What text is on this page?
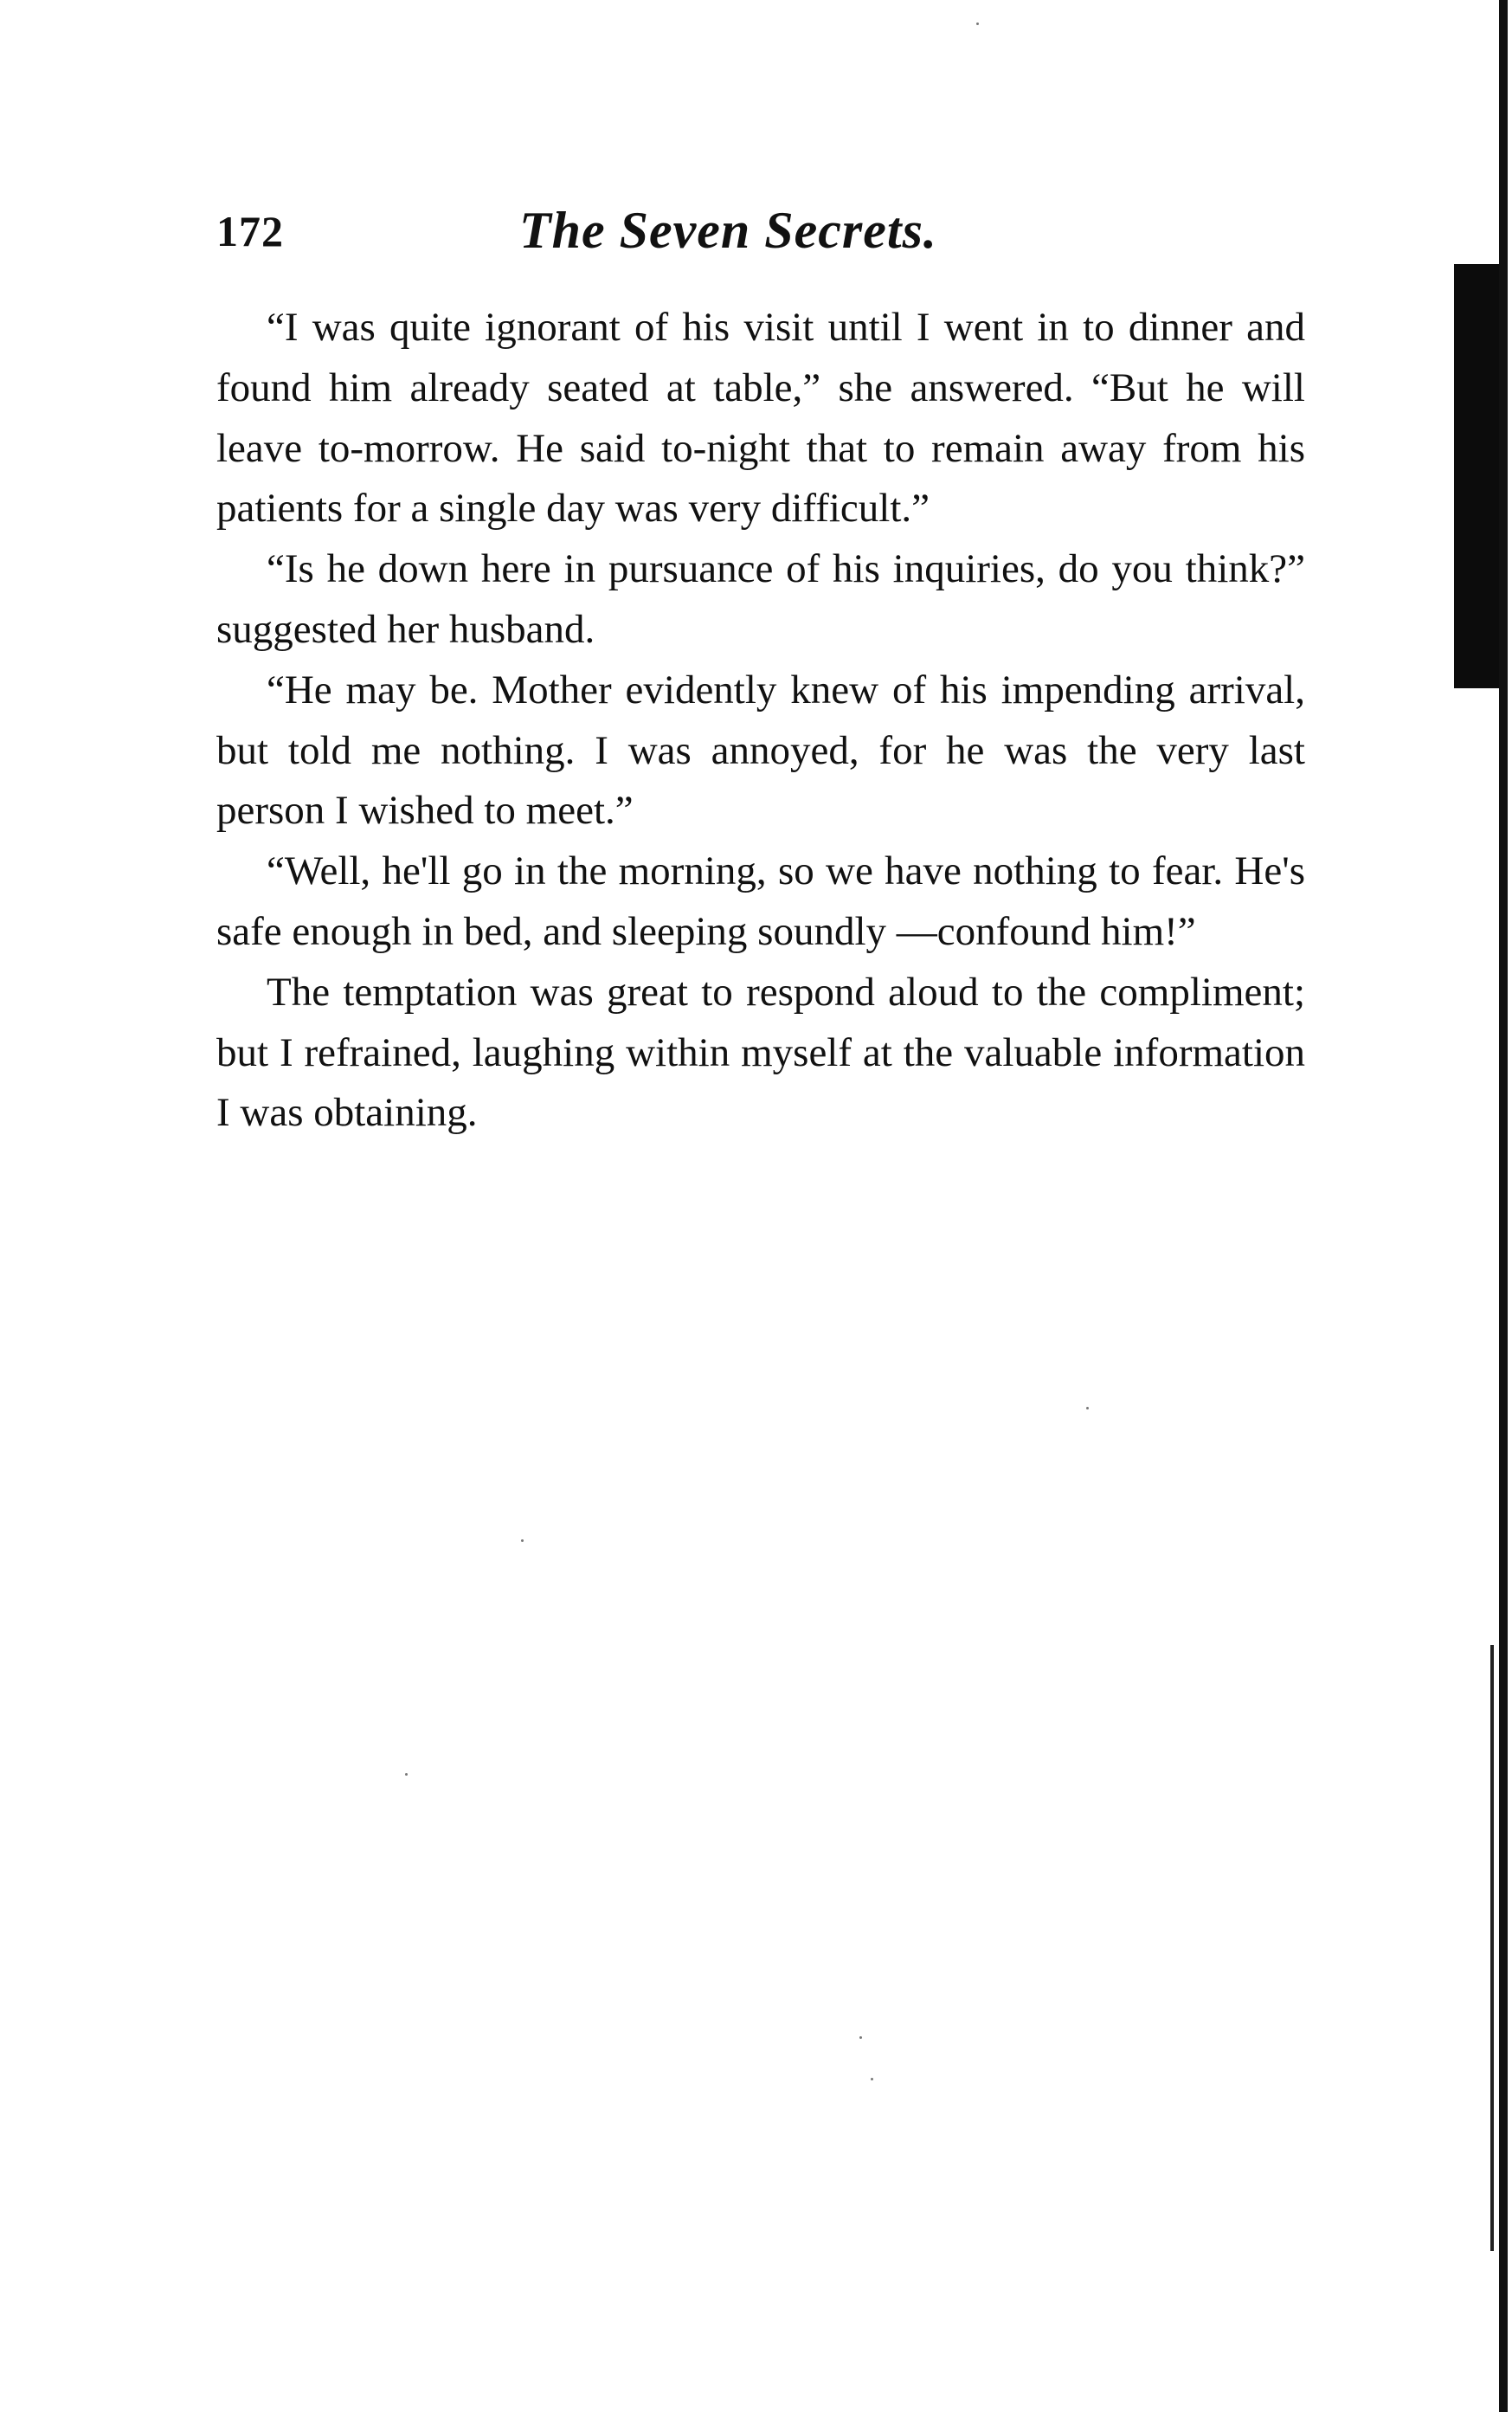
172	The Seven Secrets.

“I was quite ignorant of his visit until I went in to dinner and found him already seated at table,” she answered. “But he will leave to-morrow. He said to-night that to remain away from his patients for a single day was very difficult.”

“Is he down here in pursuance of his inquiries, do you think?” suggested her husband.

“He may be. Mother evidently knew of his impending arrival, but told me nothing. I was annoyed, for he was the very last person I wished to meet.”

“Well, he'll go in the morning, so we have nothing to fear. He's safe enough in bed, and sleeping soundly —confound him!”

The temptation was great to respond aloud to the compliment; but I refrained, laughing within myself at the valuable information I was obtaining.
